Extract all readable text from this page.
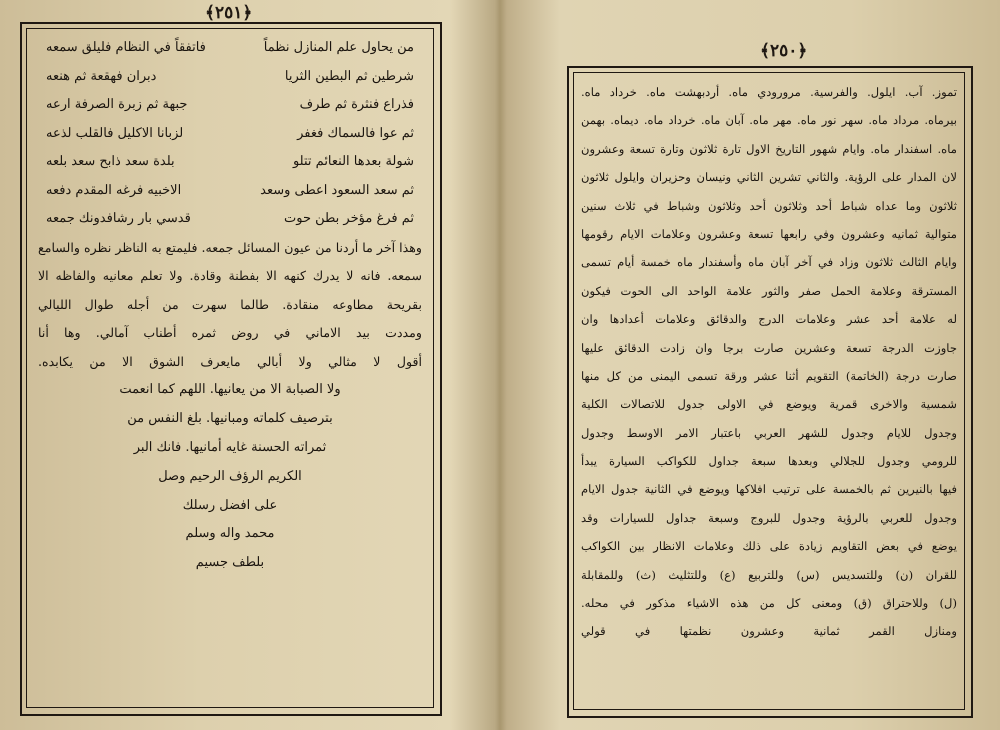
﴿٢٥١﴾
من يحاول علم المنازل نظماً
فاتفقاً في النظام فليلق سمعه
شرطين ثم البطين الثريا
دبران فهقعة ثم هنعه
فذراع فنثرة ثم طرف
جبهة ثم زبرة الصرفة ارعه
ثم عوا فالسماك فغفر
لزبانا الاكليل فالقلب لذعه
شولة بعدها النعائم تتلو
بلدة سعد ذابح سعد بلعه
ثم سعد السعود اعطى وسعد
الاخبيه فرغه المقدم دفعه
ثم فرغ مؤخر بطن حوت
قدسي بار رشافدونك جمعه
وهذا آخر ما أردنا من عيون المسائل جمعه. فليمتع به الناظر نظره والسامع
سمعه. فانه لا يدرك كنهه الا بفطنة وقادة. ولا تعلم معانيه والفاظه الا
بقريحة مطاوعه منقادة. طالما سهرت من أجله طوال الليالي
ومددت بيد الاماني في روض ثمره أطناب آمالي. وها أنا
أقول لا مثالي ولا أبالي مايعرف الشوق الا من يكابده.
ولا الصبابة الا من يعانيها. اللهم كما انعمت
بترصيف كلماته ومبانيها. بلغ النفس من
ثمراته الحسنة غايه أمانيها. فانك البر
الكريم الرؤف الرحيم وصل
على افضل رسلك
محمد واله وسلم
بلطف جسيم
﴿٢٥٠﴾
تموز. آب. ايلول. والفرسية. مرورودي ماه. أردبهشت ماه. خرداد ماه.
بيرماه. مرداد ماه. سهر نور ماه. مهر ماه. آبان ماه. خرداد ماه. ديماه. بهمن
ماه. اسفندار ماه. وايام شهور التاريخ الاول تارة ثلاثون وتارة تسعة وعشرون
لان المدار على الرؤية. والثاني تشرين الثاني ونيسان وحزيران وايلول ثلاثون
ثلاثون وما عداه شباط أحد وثلاثون أحد وثلاثون وشباط في ثلاث سنين
متوالية ثمانيه وعشرون وفي رابعها تسعة وعشرون وعلامات الايام رقومها
وايام الثالث ثلاثون وزاد في آخر آبان ماه وأسفندار ماه خمسة أيام تسمى
المسترقة وعلامة الحمل صفر والثور علامة الواحد الى الحوت فيكون
له علامة أحد عشر وعلامات الدرج والدقائق وعلامات أعدادها وان
جاوزت الدرجة تسعة وعشرين صارت برجا وان زادت الدقائق عليها
صارت درجة (الخاتمة) التقويم أثنا عشر ورقة تسمى اليمنى من كل منها
شمسية والاخرى قمرية ويوضع في الاولى جدول للاتصالات الكلية
وجدول للايام وجدول للشهر العربي باعتبار الامر الاوسط وجدول
للرومي وجدول للجلالي وبعدها سبعة جداول للكواكب السيارة يبدأ
فيها بالنيرين ثم بالخمسة على ترتيب افلاكها ويوضع في الثانية جدول الايام
وجدول للعربي بالرؤية وجدول للبروج وسبعة جداول للسيارات وقد
يوضع في بعض التقاويم زيادة على ذلك وعلامات الانظار بين الكواكب
للقران (ن) وللتسديس (س) وللتربيع (ع) وللتثليث (ث) وللمقابلة
(ل) وللاحتراق (ق) ومعنى كل من هذه الاشياء مذكور في محله.
ومنازل القمر ثمانية وعشرون نظمتها في قولي
